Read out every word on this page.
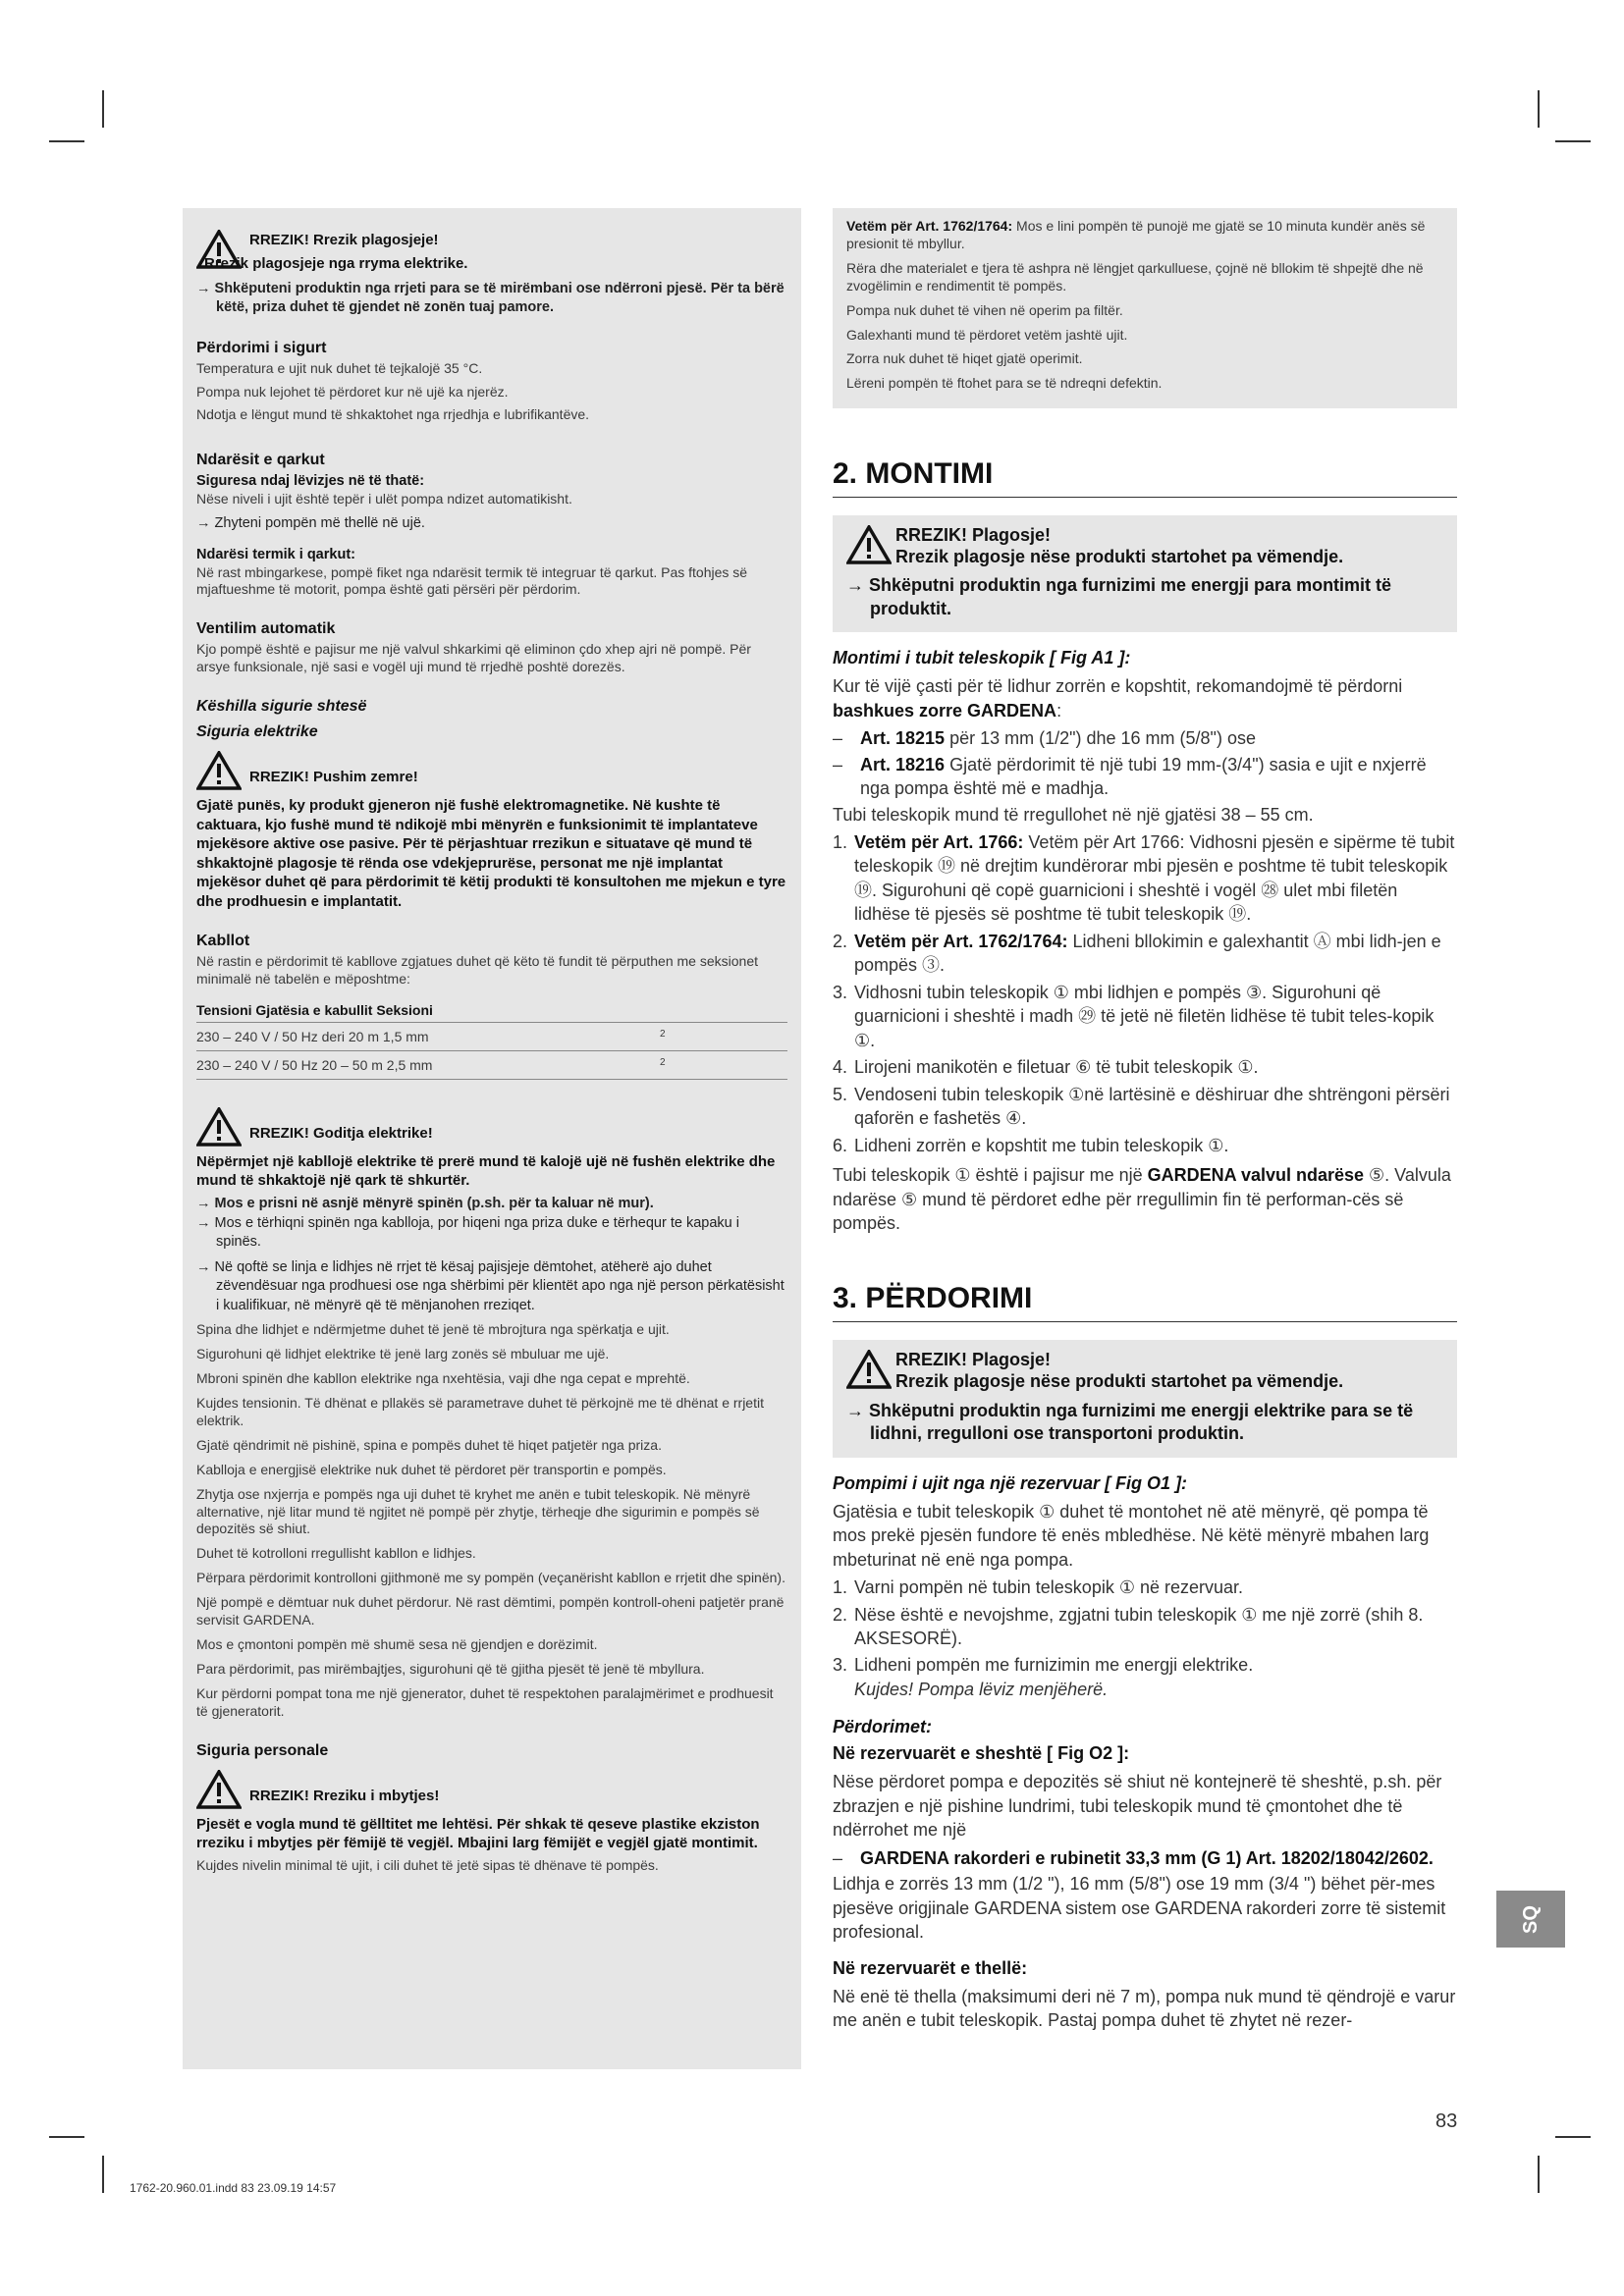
RREZIK! Rrezik plagosjeje!
Rrezik plagosjeje nga rryma elektrike.
→ Shkëputeni produktin nga rrjeti para se të mirëmbani ose ndërroni pjesë. Për ta bërë këtë, priza duhet të gjendet në zonën tuaj pamore.
Përdorimi i sigurt

Temperatura e ujit nuk duhet të tejkalojë 35 °C.

Pompa nuk lejohet të përdoret kur në ujë ka njerëz.

Ndotja e lëngut mund të shkaktohet nga rrjedhja e lubrifikantëve.

Ndarësit e qarkut

Siguresa ndaj lëvizjes në të thatë:

Nëse niveli i ujit është tepër i ulët pompa ndizet automatikisht.

→ Zhyteni pompën më thellë në ujë.

Ndarësi termik i qarkut:

Në rast mbingarkese, pompë fiket nga ndarësit termik të integruar të qarkut. Pas ftohjes së mjaftueshme të motorit, pompa është gati përsëri për përdorim.

Ventilim automatik

Kjo pompë është e pajisur me një valvul shkarkimi që eliminon çdo xhep ajri në pompë. Për arsye funksionale, një sasi e vogël uji mund të rrjedhë poshtë dorezës.

Këshilla sigurie shtesë
Siguria elektrike
RREZIK! Pushim zemre!

Gjatë punës, ky produkt gjeneron një fushë elektromagnetike. Në kushte të caktuara, kjo fushë mund të ndikojë mbi mënyrën e funksionimit të implantateve mjekësore aktive ose pasive. Për të përjashtuar rrezikun e situatave që mund të shkaktojnë plagosje të rënda ose vdekjeprurëse, personat me një implantat mjekësor duhet që para përdorimit të këtij produkti të konsultohen me mjekun e tyre dhe prodhuesin e implantatit.

Kabllot

Në rastin e përdorimit të kabllove zgjatues duhet që këto të fundit të përputhen me seksionet minimalë në tabelën e mëposhtme:

Tensioni Gjatësia e kabullit Seksioni	
230 – 240 V / 50 Hz deri 20 m 1,5 mm	2
230 – 240 V / 50 Hz 20 – 50 m 2,5 mm	2
RREZIK! Goditja elektrike!

Nëpërmjet një kabllojë elektrike të prerë mund të kalojë ujë në fushën elektrike dhe mund të shkaktojë një qark të shkurtër.

→ Mos e prisni në asnjë mënyrë spinën (p.sh. për ta kaluar në mur).
→ Mos e tërhiqni spinën nga kablloja, por hiqeni nga priza duke e tërhequr te kapaku i spinës.
→ Në qoftë se linja e lidhjes në rrjet të kësaj pajisjeje dëmtohet, atëherë ajo duhet zëvendësuar nga prodhuesi ose nga shërbimi për klientët apo nga një person përkatësisht i kualifikuar, në mënyrë që të mënjanohen rreziqet.

Spina dhe lidhjet e ndërmjetme duhet të jenë të mbrojtura nga spërkatja e ujit.

Sigurohuni që lidhjet elektrike të jenë larg zonës së mbuluar me ujë.

Mbroni spinën dhe kabllon elektrike nga nxehtësia, vaji dhe nga cepat e mprehtë.

Kujdes tensionin. Të dhënat e pllakës së parametrave duhet të përkojnë me të dhënat e rrjetit elektrik.

Gjatë qëndrimit në pishinë, spina e pompës duhet të hiqet patjetër nga priza.

Kablloja e energjisë elektrike nuk duhet të përdoret për transportin e pompës.

Zhytja ose nxjerrja e pompës nga uji duhet të kryhet me anën e tubit teleskopik. Në mënyrë alternative, një litar mund të ngjitet në pompë për zhytje, tërheqje dhe sigurimin e pompës së depozitës së shiut.

Duhet të kotrolloni rregullisht kabllon e lidhjes.

Përpara përdorimit kontrolloni gjithmonë me sy pompën (veçanërisht kabllon e rrjetit dhe spinën).

Një pompë e dëmtuar nuk duhet përdorur. Në rast dëmtimi, pompën kontroll-oheni patjetër pranë servisit GARDENA.

Mos e çmontoni pompën më shumë sesa në gjendjen e dorëzimit.

Para përdorimit, pas mirëmbajtjes, sigurohuni që të gjitha pjesët të jenë të mbyllura.

Kur përdorni pompat tona me një gjenerator, duhet të respektohen paralajmërimet e prodhuesit të gjeneratorit.

Siguria personale
RREZIK! Rreziku i mbytjes!

Pjesët e vogla mund të gëlltitet me lehtësi. Për shkak të qeseve plastike ekziston rreziku i mbytjes për fëmijë të vegjël. Mbajini larg fëmijët e vegjël gjatë montimit.

Kujdes nivelin minimal të ujit, i cili duhet të jetë sipas të dhënave të pompës.

Vetëm për Art. 1762/1764: Mos e lini pompën të punojë me gjatë se 10 minuta kundër anës së presionit të mbyllur.

Rëra dhe materialet e tjera të ashpra në lëngjet qarkulluese, çojnë në bllokim të shpejtë dhe në zvogëlimin e rendimentit të pompës.

Pompa nuk duhet të vihen në operim pa filtër.

Galexhanti mund të përdoret vetëm jashtë ujit.

Zorra nuk duhet të hiqet gjatë operimit.

Lëreni pompën të ftohet para se të ndreqni defektin.

2. MONTIMI
RREZIK! Plagosje!
Rrezik plagosje nëse produkti startohet pa vëmendje.
→ Shkëputni produktin nga furnizimi me energji para montimit të produktit.
Montimi i tubit teleskopik [ Fig A1 ]:

Kur të vijë çasti për të lidhur zorrën e kopshtit, rekomandojmë të përdorni bashkues zorre GARDENA:

– Art. 18215 për 13 mm (1/2") dhe 16 mm (5/8") ose
– Art. 18216 Gjatë përdorimit të një tubi 19 mm-(3/4") sasia e ujit e nxjerrë nga pompa është më e madhja.

Tubi teleskopik mund të rregullohet në një gjatësi 38 – 55 cm.

1. Vetëm për Art. 1766: Vetëm për Art 1766: Vidhosni pjesën e sipërme të tubit teleskopik ⑲ në drejtim kundërorar mbi pjesën e poshtme të tubit teleskopik ⑲. Sigurohuni që copë guarnicioni i sheshtë i vogël ㉘ ulet mbi filetën lidhëse të pjesës së poshtme të tubit teleskopik ⑲.
2. Vetëm për Art. 1762/1764: Lidheni bllokimin e galexhantit Ⓐ mbi lidh-jen e pompës ③.
3. Vidhosni tubin teleskopik ① mbi lidhjen e pompës ③. Sigurohuni që guarnicioni i sheshtë i madh ㉙ të jetë në filetën lidhëse të tubit teles-kopik ①.
4. Lirojeni manikotën e filetuar ⑥ të tubit teleskopik ①.
5. Vendoseni tubin teleskopik ①në lartësinë e dëshiruar dhe shtrëngoni përsëri qaforën e fashetës ④.
6. Lidheni zorrën e kopshtit me tubin teleskopik ①.

Tubi teleskopik ① është i pajisur me një GARDENA valvul ndarëse ⑤. Valvula ndarëse ⑤ mund të përdoret edhe për rregullimin fin të performan-cës së pompës.

3. PËRDORIMI
RREZIK! Plagosje!
Rrezik plagosje nëse produkti startohet pa vëmendje.
→ Shkëputni produktin nga furnizimi me energji elektrike para se të lidhni, rregulloni ose transportoni produktin.
Pompimi i ujit nga një rezervuar [ Fig O1 ]:

Gjatësia e tubit teleskopik ① duhet të montohet në atë mënyrë, që pompa të mos prekë pjesën fundore të enës mbledhëse. Në këtë mënyrë mbahen larg mbeturinat në enë nga pompa.

1. Varni pompën në tubin teleskopik ① në rezervuar.
2. Nëse është e nevojshme, zgjatni tubin teleskopik ① me një zorrë (shih 8. AKSESORË).
3. Lidheni pompën me furnizimin me energji elektrike.
Kujdes! Pompa lëviz menjëherë.
Përdorimet:
Në rezervuarët e sheshtë [ Fig O2 ]:

Nëse përdoret pompa e depozitës së shiut në kontejnerë të sheshtë, p.sh. për zbrazjen e një pishine lundrimi, tubi teleskopik mund të çmontohet dhe të ndërrohet me një

– GARDENA rakorderi e rubinetit 33,3 mm (G 1) Art. 18202/18042/2602.

Lidhja e zorrës 13 mm (1/2 "), 16 mm (5/8") ose 19 mm (3/4 ") bëhet për-mes pjesëve origjinale GARDENA sistem ose GARDENA rakorderi zorre të sistemit profesional.

Në rezervuarët e thellë:

Në enë të thella (maksimumi deri në 7 m), pompa nuk mund të qëndrojë e varur me anën e tubit teleskopik. Pastaj pompa duhet të zhytet në rezer-

SQ
83
1762-20.960.01.indd 83 23.09.19 14:57
